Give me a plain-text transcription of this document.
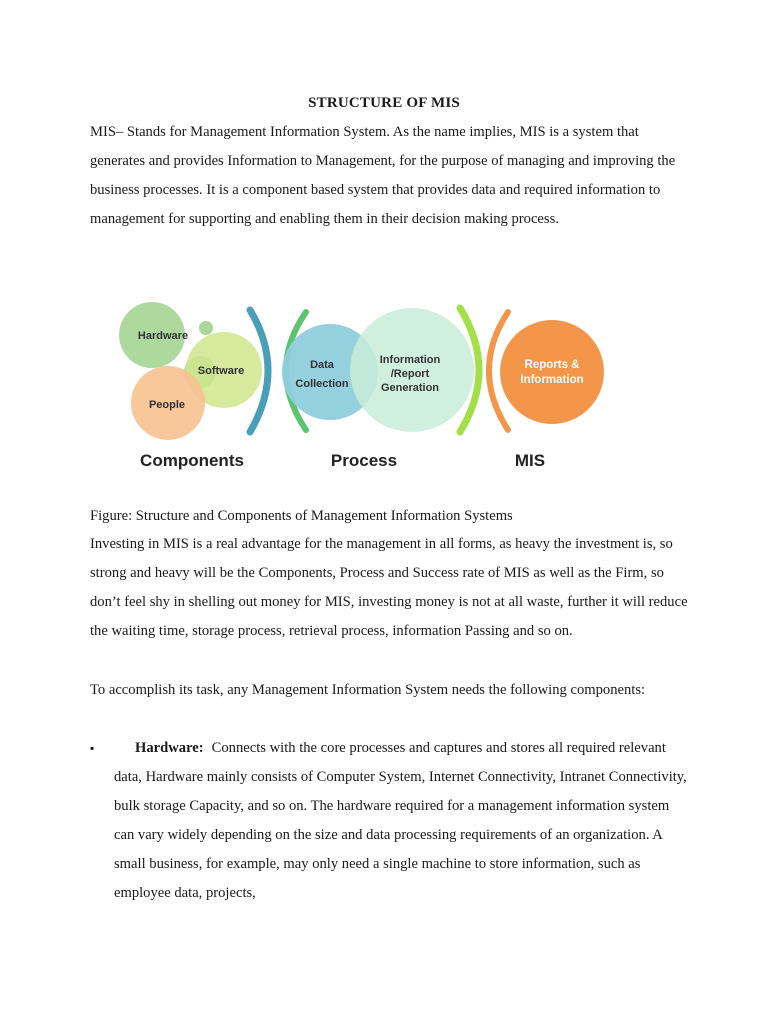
STRUCTURE OF MIS
MIS– Stands for Management Information System. As the name implies, MIS is a system that generates and provides Information to Management, for the purpose of managing and improving the business processes. It is a component based system that provides data and required information to management for supporting and enabling them in their decision making process.
Hardware
Software
People
Data
Collection
Information
/Report
Generation
Reports &
Information
Components	Process	MIS
Figure: Structure and Components of Management Information Systems
Investing in MIS is a real advantage for the management in all forms, as heavy the investment is, so strong and heavy will be the Components, Process and Success rate of MIS as well as the Firm, so don’t feel shy in shelling out money for MIS, investing money is not at all waste, further it will reduce the waiting time, storage process, retrieval process, information Passing and so on.
To accomplish its task, any Management Information System needs the following components:
▪	Hardware: Connects with the core processes and captures and stores all required relevant data, Hardware mainly consists of Computer System, Internet Connectivity, Intranet Connectivity, bulk storage Capacity, and so on. The hardware required for a management information system can vary widely depending on the size and data processing requirements of an organization. A small business, for example, may only need a single machine to store information, such as employee data, projects,
